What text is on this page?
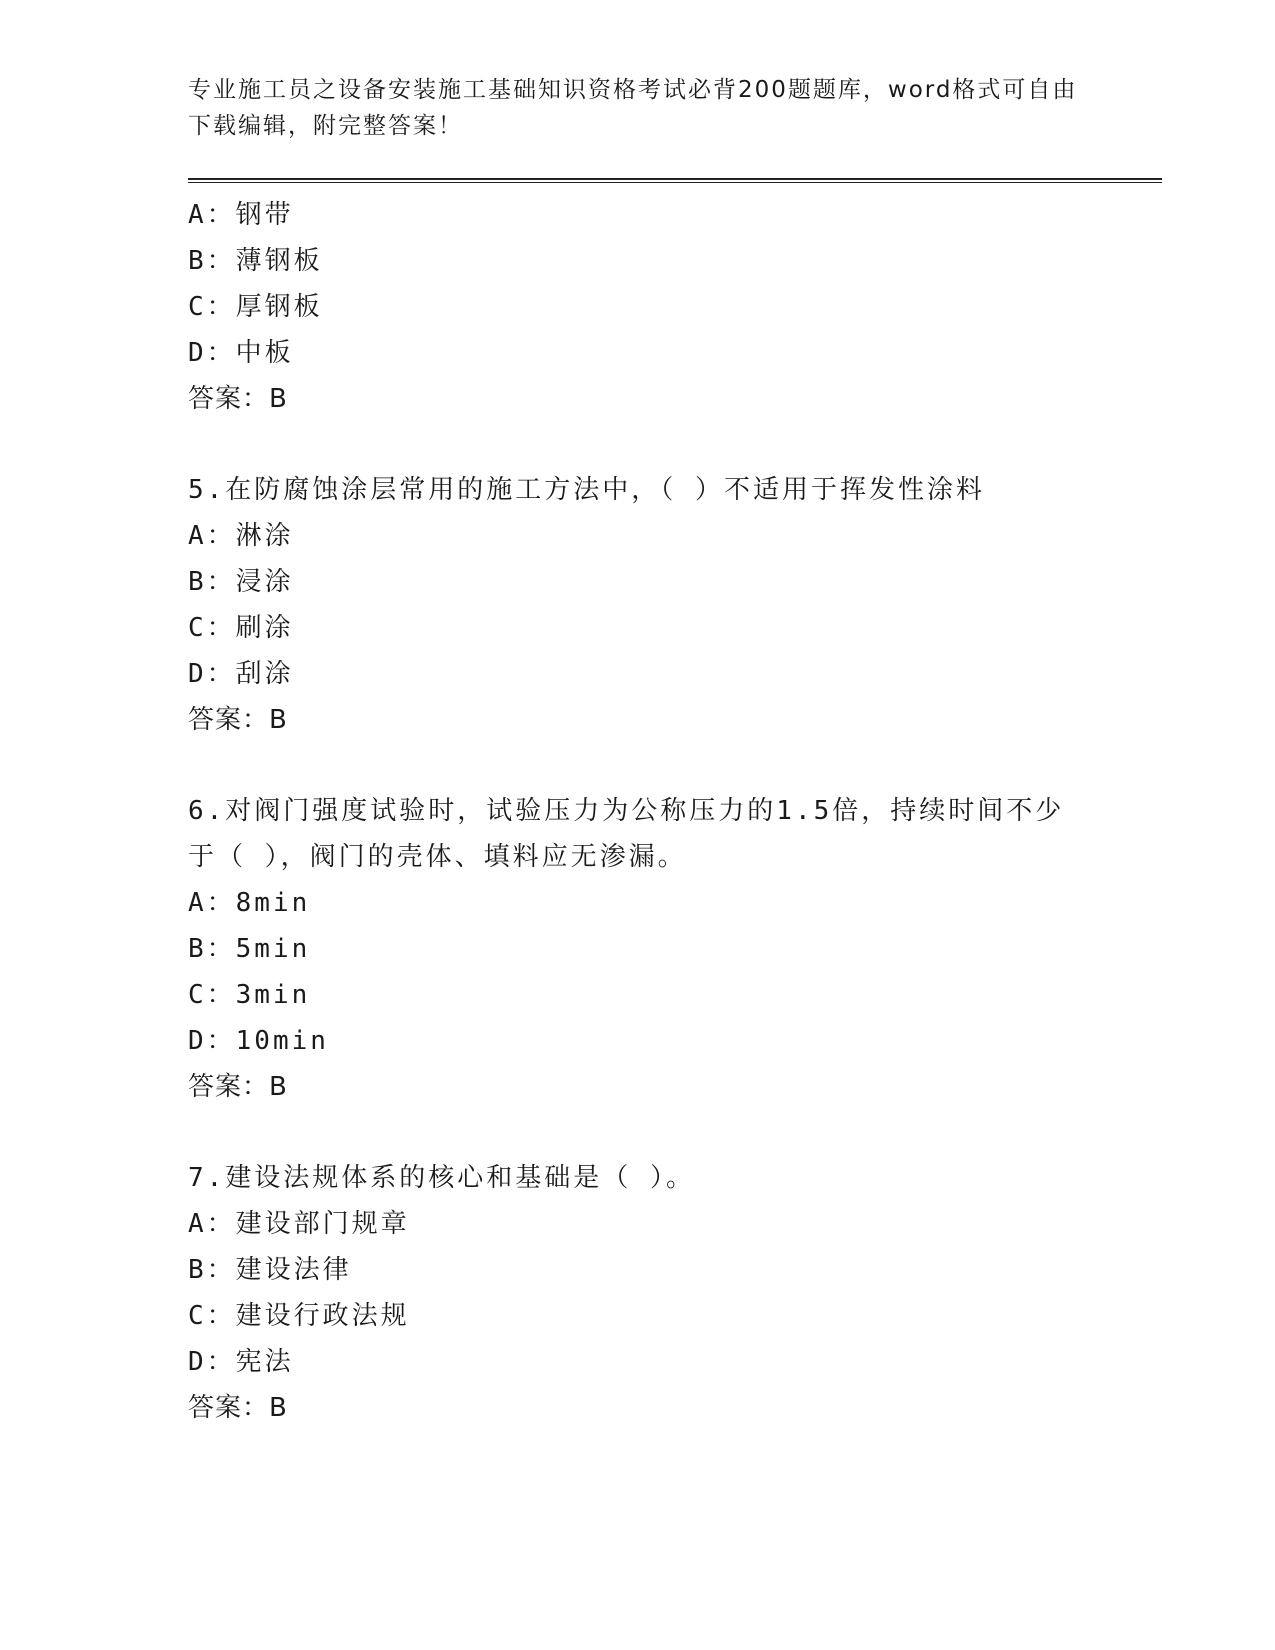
专业施工员之设备安装施工基础知识资格考试必背200题题库，word格式可自由
下载编辑，附完整答案！
A：钢带
B：薄钢板
C：厚钢板
D：中板
答案：B
5.在防腐蚀涂层常用的施工方法中，（ ）不适用于挥发性涂料
A：淋涂
B：浸涂
C：刷涂
D：刮涂
答案：B
6.对阀门强度试验时，试验压力为公称压力的1.5倍，持续时间不少
于（ ），阀门的壳体、填料应无渗漏。
A：8min
B：5min
C：3min
D：10min
答案：B
7.建设法规体系的核心和基础是（ ）。
A：建设部门规章
B：建设法律
C：建设行政法规
D：宪法
答案：B
